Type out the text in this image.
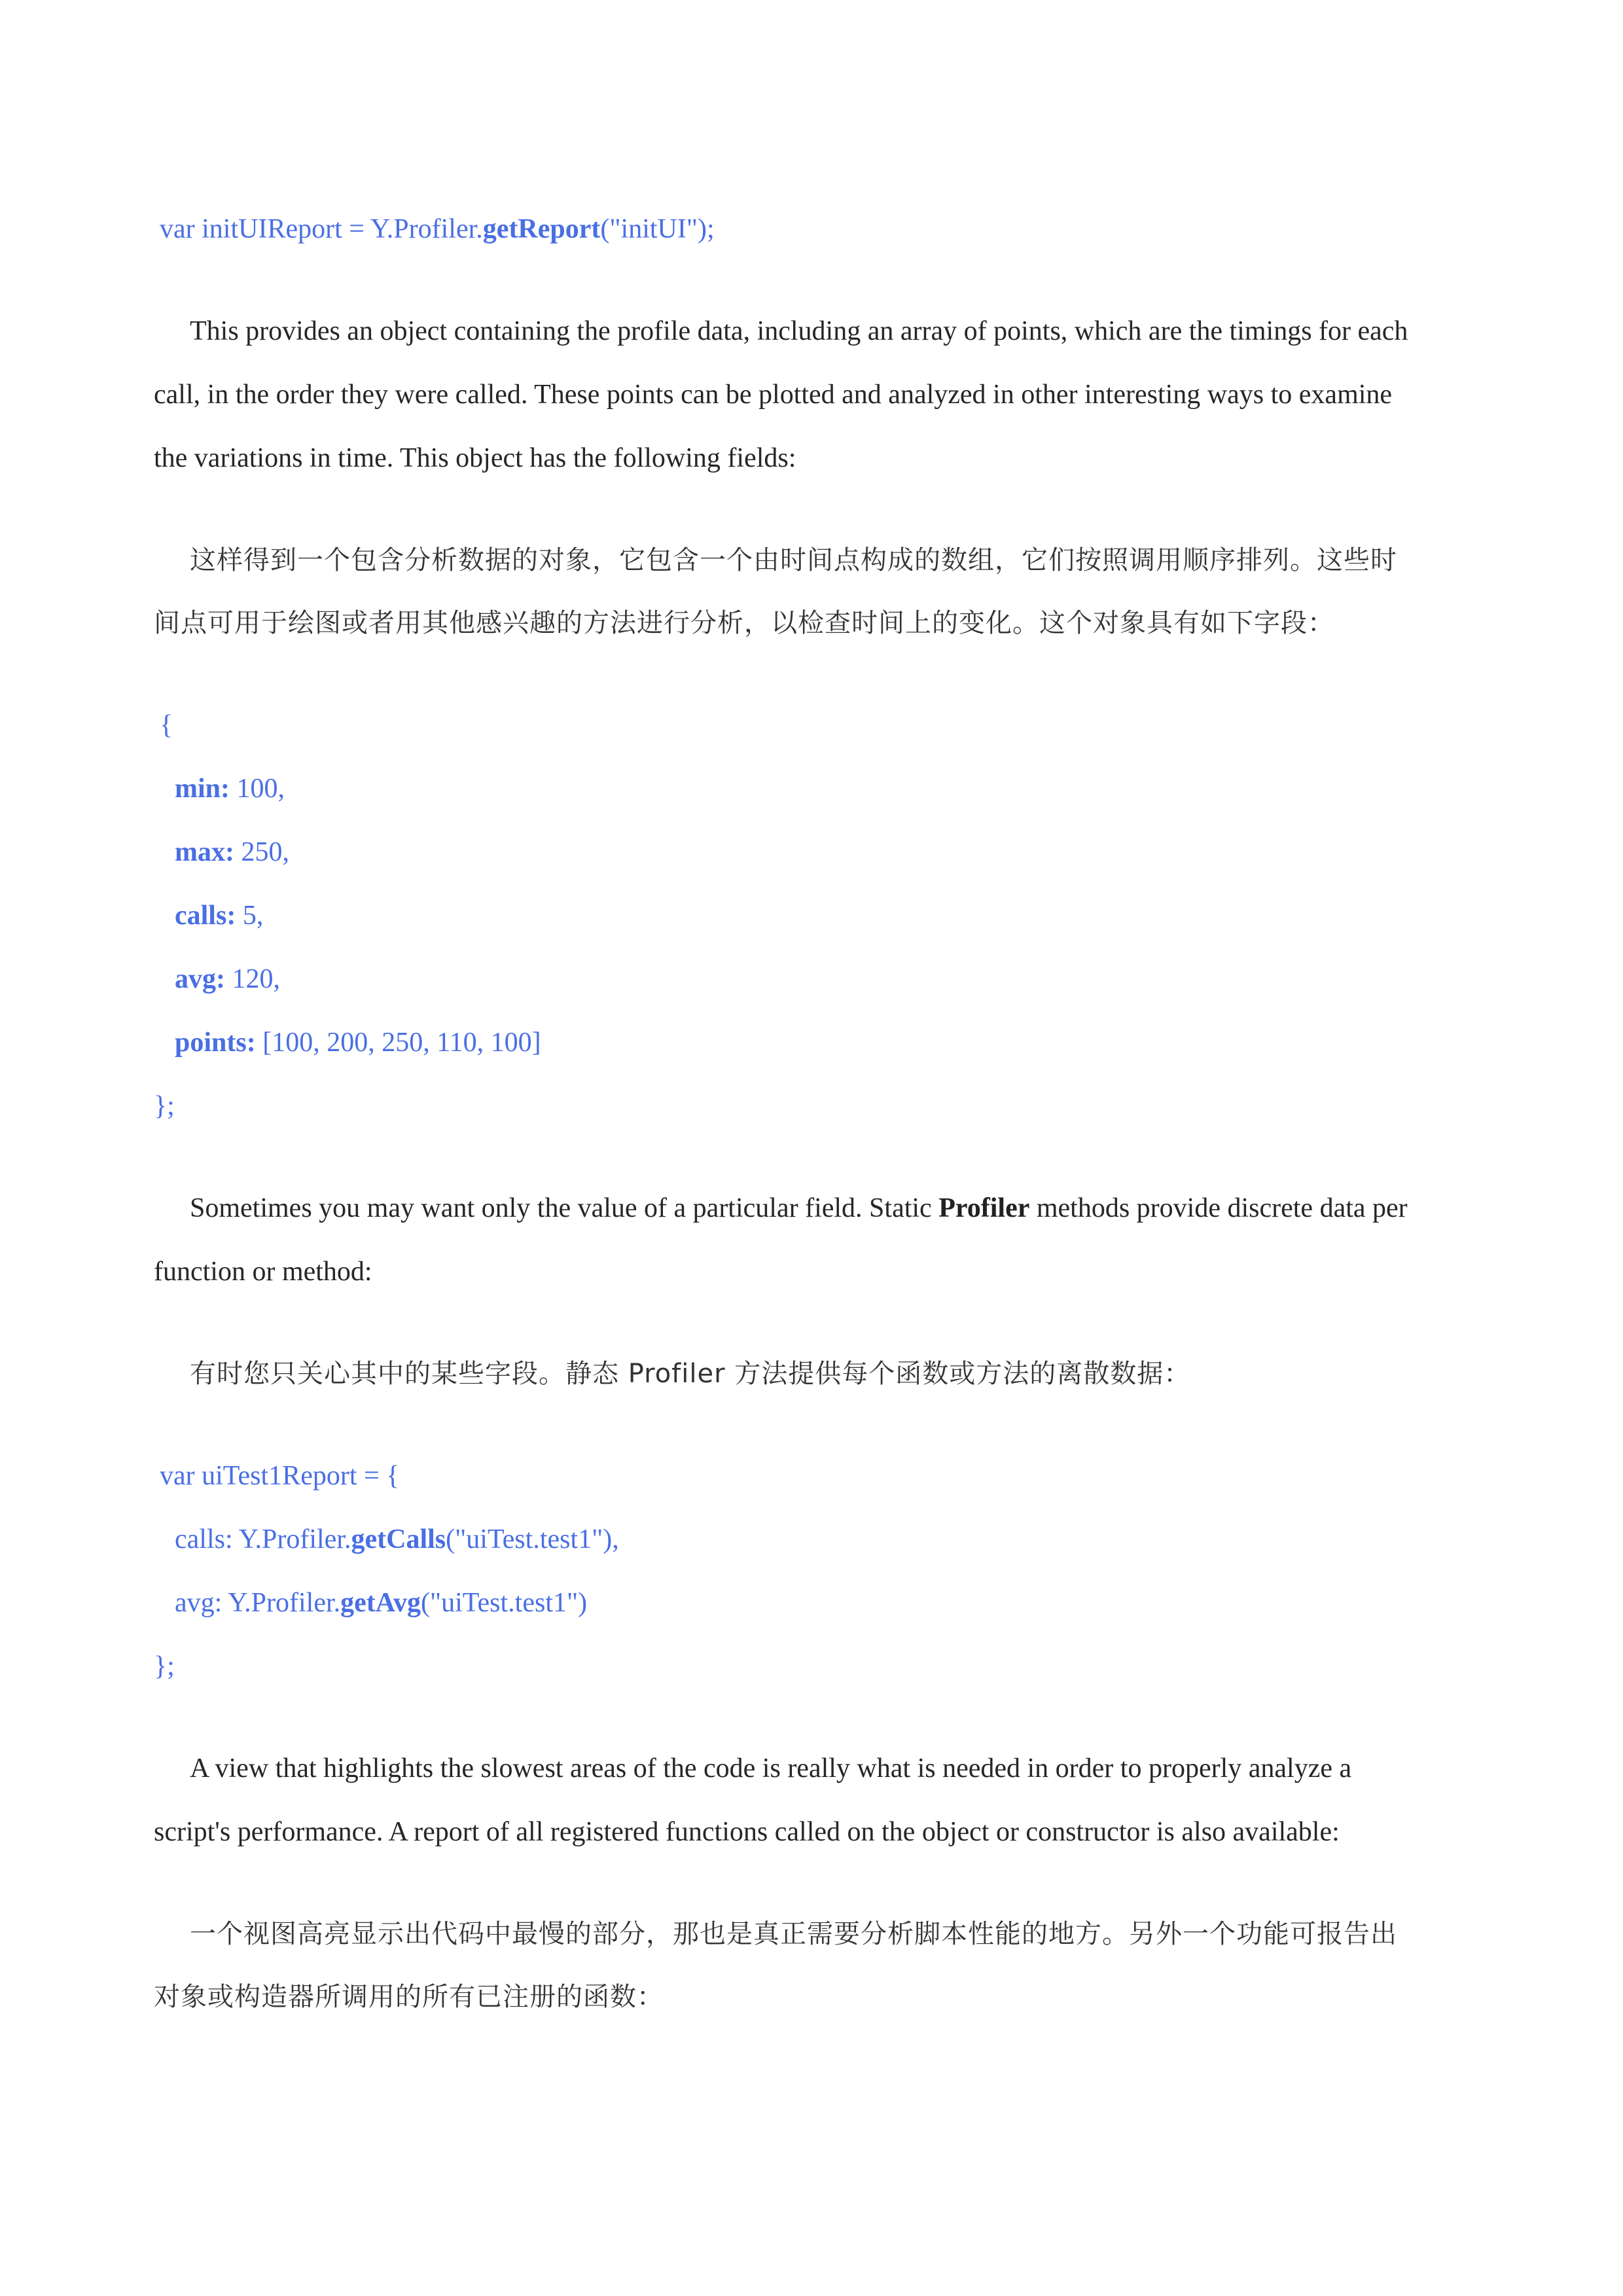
var initUIReport = Y.Profiler.getReport("initUI");
This provides an object containing the profile data, including an array of points, which are the timings for each
call, in the order they were called. These points can be plotted and analyzed in other interesting ways to examine
the variations in time. This object has the following fields:
这样得到一个包含分析数据的对象，它包含一个由时间点构成的数组，它们按照调用顺序排列。这些时
间点可用于绘图或者用其他感兴趣的方法进行分析，以检查时间上的变化。这个对象具有如下字段：
{
min: 100,
max: 250,
calls: 5,
avg: 120,
points: [100, 200, 250, 110, 100]
};
Sometimes you may want only the value of a particular field. Static Profiler methods provide discrete data per
function or method:
有时您只关心其中的某些字段。静态 Profiler 方法提供每个函数或方法的离散数据：
var uiTest1Report = {
calls: Y.Profiler.getCalls("uiTest.test1"),
avg: Y.Profiler.getAvg("uiTest.test1")
};
A view that highlights the slowest areas of the code is really what is needed in order to properly analyze a
script's performance. A report of all registered functions called on the object or constructor is also available:
一个视图高亮显示出代码中最慢的部分，那也是真正需要分析脚本性能的地方。另外一个功能可报告出
对象或构造器所调用的所有已注册的函数：
